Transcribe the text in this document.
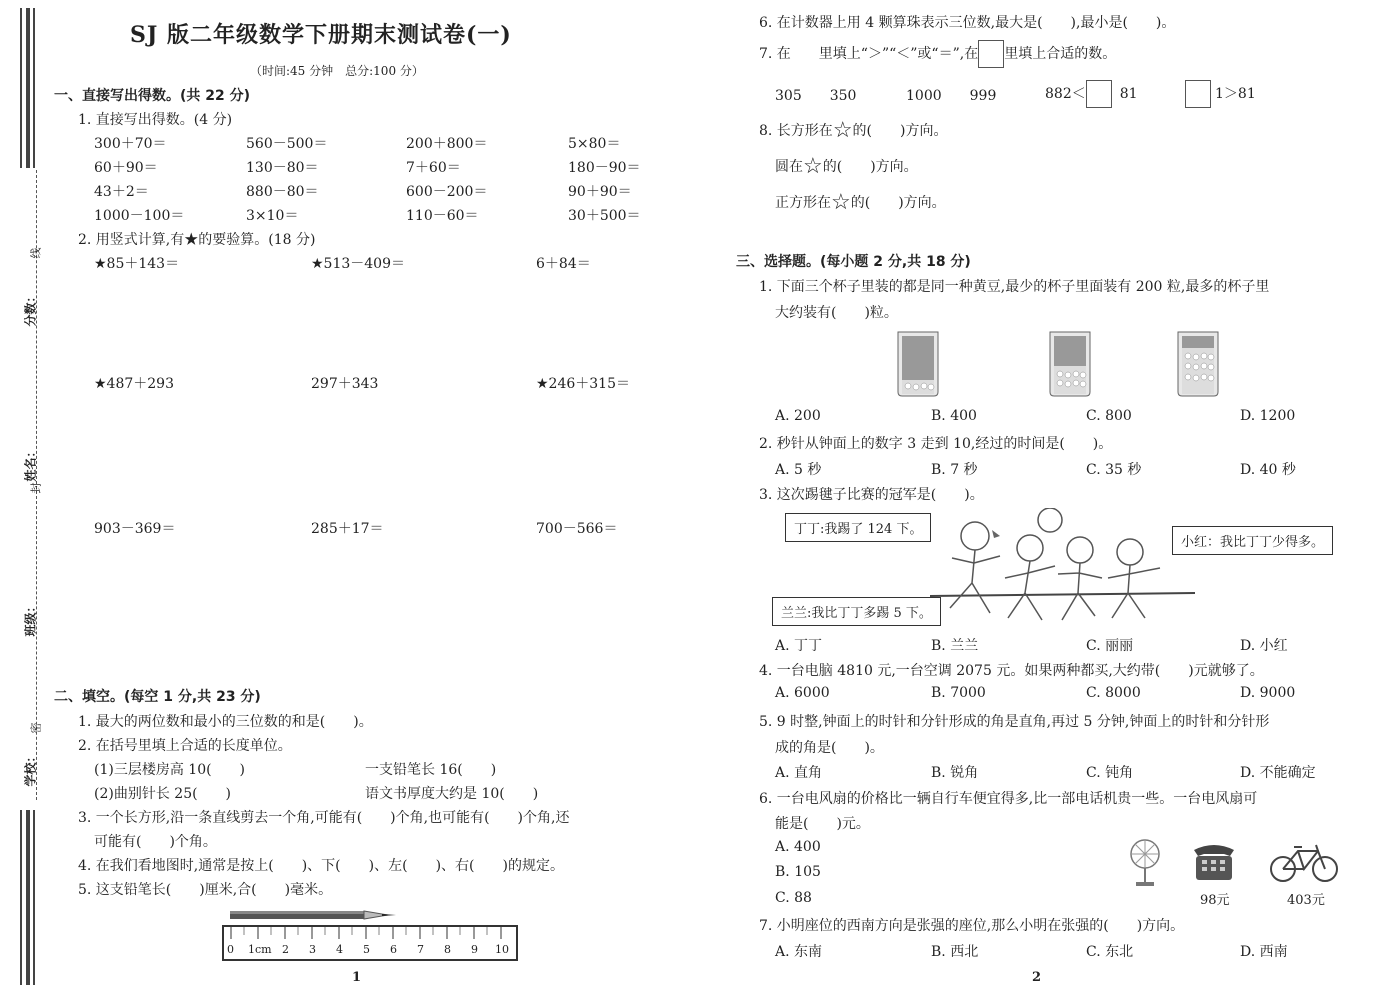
分数：
姓名：
班级：
学校：
线
封
密
SJ 版二年级数学下册期末测试卷(一)
（时间:45 分钟　总分:100 分）
一、直接写出得数。(共 22 分)
1. 直接写出得数。(4 分)
300＋70＝	560－500＝	200＋800＝	5×80＝
60＋90＝	130－80＝	7＋60＝	180－90＝
43＋2＝	880－80＝	600－200＝	90＋90＝
1000－100＝	3×10＝	110－60＝	30＋500＝
2. 用竖式计算,有★的要验算。(18 分)
★85＋143＝	★513－409＝	6＋84＝
★487＋293	297＋343	★246＋315＝
903－369＝	285＋17＝	700－566＝
二、填空。(每空 1 分,共 23 分)
1. 最大的两位数和最小的三位数的和是(　　)。
2. 在括号里填上合适的长度单位。
(1)三层楼房高 10(　　)	一支铅笔长 16(　　)
(2)曲别针长 25(　　)	语文书厚度大约是 10(　　)
3. 一个长方形,沿一条直线剪去一个角,可能有(　　)个角,也可能有(　　)个角,还
可能有(　　)个角。
4. 在我们看地图时,通常是按上(　　)、下(　　)、左(　　)、右(　　)的规定。
5. 这支铅笔长(　　)厘米,合(　　)毫米。
0 1cm 2 3 4 5 6 7 8 9 10
1
6. 在计数器上用 4 颗算珠表示三位数,最大是(　　),最小是(　　)。
7. 在　　里填上“＞”“＜”或“＝”,在 里填上合适的数。
305　　350	1000　　999	882＜ 81	1＞81
8. 长方形在☆的(　　)方向。
圆在☆的(　　)方向。
正方形在☆的(　　)方向。
三、选择题。(每小题 2 分,共 18 分)
1. 下面三个杯子里装的都是同一种黄豆,最少的杯子里面装有 200 粒,最多的杯子里
大约装有(　　)粒。
A. 200	B. 400	C. 800	D. 1200
2. 秒针从钟面上的数字 3 走到 10,经过的时间是(　　)。
A. 5 秒	B. 7 秒	C. 35 秒	D. 40 秒
3. 这次踢毽子比赛的冠军是(　　)。
丁丁:我踢了 124 下。
小红：我比丁丁少得多。
兰兰:我比丁丁多踢 5 下。
A. 丁丁	B. 兰兰	C. 丽丽	D. 小红
4. 一台电脑 4810 元,一台空调 2075 元。如果两种都买,大约带(　　)元就够了。
A. 6000	B. 7000	C. 8000	D. 9000
5. 9 时整,钟面上的时针和分针形成的角是直角,再过 5 分钟,钟面上的时针和分针形
成的角是(　　)。
A. 直角	B. 锐角	C. 钝角	D. 不能确定
6. 一台电风扇的价格比一辆自行车便宜得多,比一部电话机贵一些。一台电风扇可
能是(　　)元。
A. 400
B. 105
C. 88	98元	403元
7. 小明座位的西南方向是张强的座位,那么小明在张强的(　　)方向。
A. 东南	B. 西北	C. 东北	D. 西南
2
